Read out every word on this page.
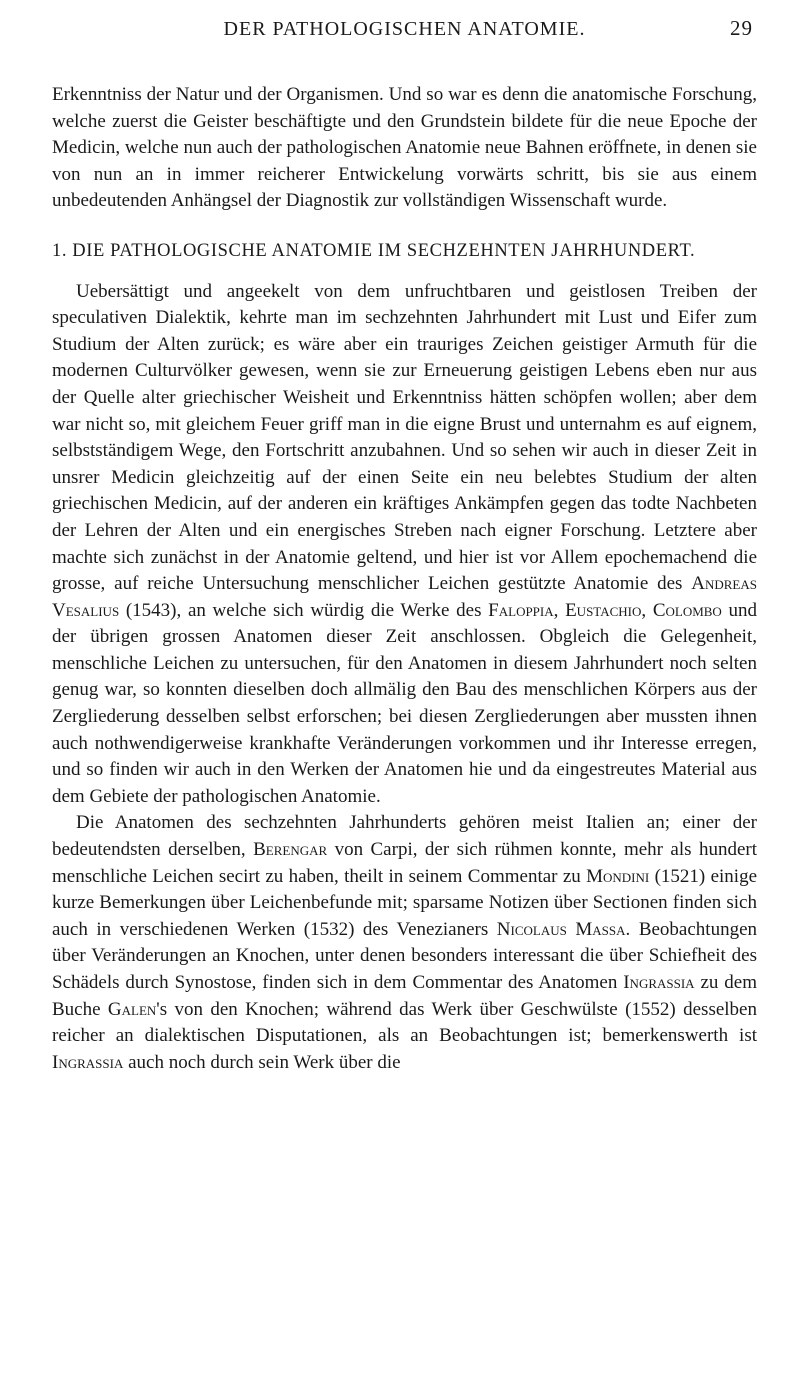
DER PATHOLOGISCHEN ANATOMIE.	29

Erkenntniss der Natur und der Organismen. Und so war es denn die anatomische Forschung, welche zuerst die Geister beschäftigte und den Grundstein bildete für die neue Epoche der Medicin, welche nun auch der pathologischen Anatomie neue Bahnen eröffnete, in denen sie von nun an in immer reicherer Entwickelung vorwärts schritt, bis sie aus einem unbedeutenden Anhängsel der Diagnostik zur vollständigen Wissenschaft wurde.

1. DIE PATHOLOGISCHE ANATOMIE IM SECHZEHNTEN JAHRHUNDERT.

Uebersättigt und angeekelt von dem unfruchtbaren und geistlosen Treiben der speculativen Dialektik, kehrte man im sechzehnten Jahrhundert mit Lust und Eifer zum Studium der Alten zurück; es wäre aber ein trauriges Zeichen geistiger Armuth für die modernen Culturvölker gewesen, wenn sie zur Erneuerung geistigen Lebens eben nur aus der Quelle alter griechischer Weisheit und Erkenntniss hätten schöpfen wollen; aber dem war nicht so, mit gleichem Feuer griff man in die eigne Brust und unternahm es auf eignem, selbstständigem Wege, den Fortschritt anzubahnen. Und so sehen wir auch in dieser Zeit in unsrer Medicin gleichzeitig auf der einen Seite ein neu belebtes Studium der alten griechischen Medicin, auf der anderen ein kräftiges Ankämpfen gegen das todte Nachbeten der Lehren der Alten und ein energisches Streben nach eigner Forschung. Letztere aber machte sich zunächst in der Anatomie geltend, und hier ist vor Allem epochemachend die grosse, auf reiche Untersuchung menschlicher Leichen gestützte Anatomie des Andreas Vesalius (1543), an welche sich würdig die Werke des Faloppia, Eustachio, Colombo und der übrigen grossen Anatomen dieser Zeit anschlossen. Obgleich die Gelegenheit, menschliche Leichen zu untersuchen, für den Anatomen in diesem Jahrhundert noch selten genug war, so konnten dieselben doch allmälig den Bau des menschlichen Körpers aus der Zergliederung desselben selbst erforschen; bei diesen Zergliederungen aber mussten ihnen auch nothwendigerweise krankhafte Veränderungen vorkommen und ihr Interesse erregen, und so finden wir auch in den Werken der Anatomen hie und da eingestreutes Material aus dem Gebiete der pathologischen Anatomie.

Die Anatomen des sechzehnten Jahrhunderts gehören meist Italien an; einer der bedeutendsten derselben, Berengar von Carpi, der sich rühmen konnte, mehr als hundert menschliche Leichen secirt zu haben, theilt in seinem Commentar zu Mondini (1521) einige kurze Bemerkungen über Leichenbefunde mit; sparsame Notizen über Sectionen finden sich auch in verschiedenen Werken (1532) des Venezianers Nicolaus Massa. Beobachtungen über Veränderungen an Knochen, unter denen besonders interessant die über Schiefheit des Schädels durch Synostose, finden sich in dem Commentar des Anatomen Ingrassia zu dem Buche Galen's von den Knochen; während das Werk über Geschwülste (1552) desselben reicher an dialektischen Disputationen, als an Beobachtungen ist; bemerkenswerth ist Ingrassia auch noch durch sein Werk über die
